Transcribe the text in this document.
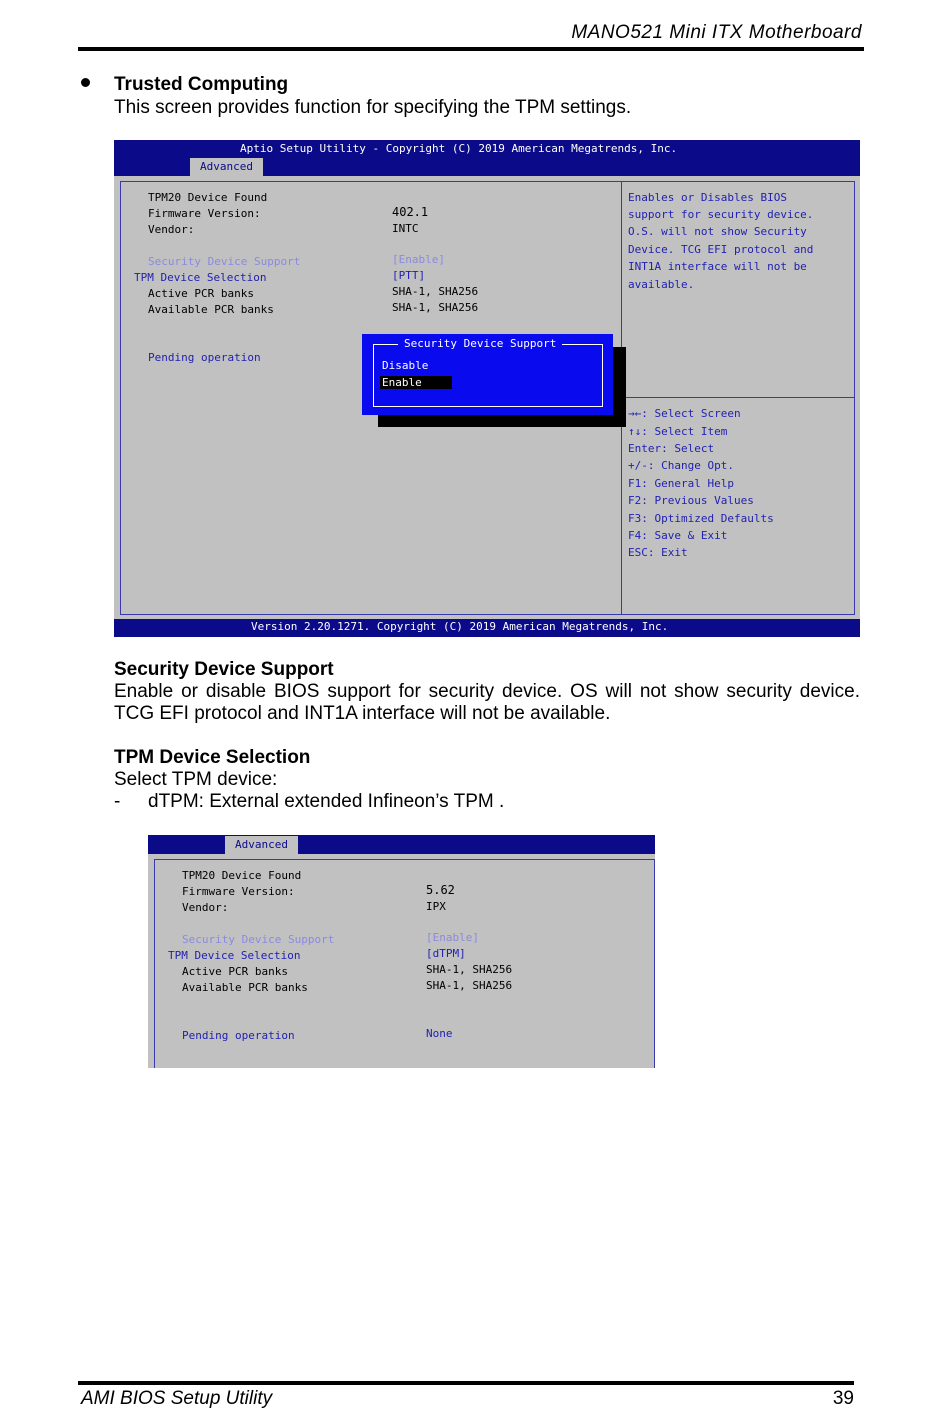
MANO521 Mini ITX Motherboard
Trusted Computing
This screen provides function for specifying the TPM settings.
Aptio Setup Utility - Copyright (C) 2019 American Megatrends, Inc.
Advanced
TPM20 Device Found
Firmware Version:	402.1
Vendor:	INTC
Security Device Support	[Enable]
TPM Device Selection	[PTT]
Active PCR banks	SHA-1, SHA256
Available PCR banks	SHA-1, SHA256
Pending operation
Enables or Disables BIOS
support for security device.
O.S. will not show Security
Device. TCG EFI protocol and
INT1A interface will not be
available.
→←: Select Screen
↑↓: Select Item
Enter: Select
+/-: Change Opt.
F1: General Help
F2: Previous Values
F3: Optimized Defaults
F4: Save & Exit
ESC: Exit
Security Device Support
Disable
Enable
Version 2.20.1271. Copyright (C) 2019 American Megatrends, Inc.
Security Device Support
Enable or disable BIOS support for security device. OS will not show security device. TCG EFI protocol and INT1A interface will not be available.
TPM Device Selection
Select TPM device:
- dTPM: External extended Infineon’s TPM .
Advanced
TPM20 Device Found
Firmware Version:	5.62
Vendor:	IPX
Security Device Support	[Enable]
TPM Device Selection	[dTPM]
Active PCR banks	SHA-1, SHA256
Available PCR banks	SHA-1, SHA256
Pending operation	None
AMI BIOS Setup Utility	39
